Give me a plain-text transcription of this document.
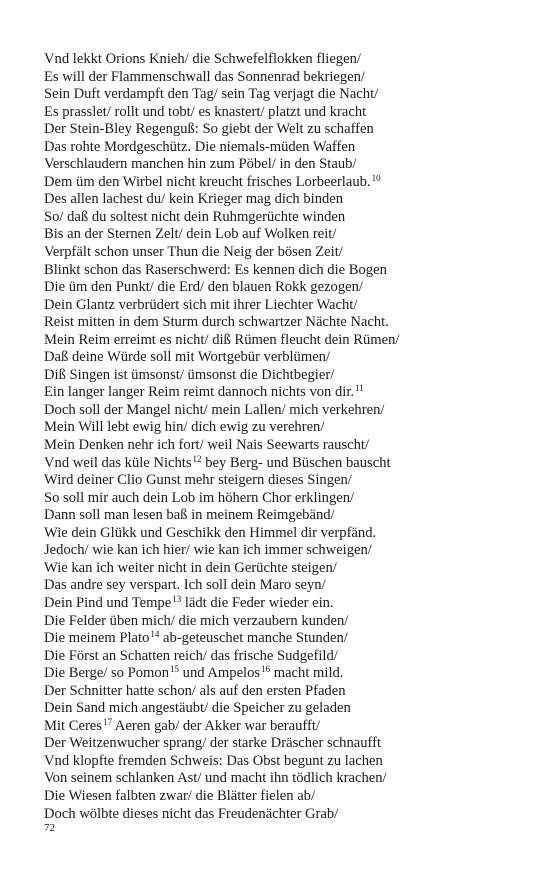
Vnd lekkt Orions Knieh/ die Schwefelflokken fliegen/
Es will der Flammenschwall das Sonnenrad bekriegen/
Sein Duft verdampft den Tag/ sein Tag verjagt die Nacht/
Es prasslet/ rollt und tobt/ es knastert/ platzt und kracht
Der Stein-Bley Regenguß: So giebt der Welt zu schaffen
Das rohte Mordgeschütz. Die niemals-müden Waffen
Verschlaudern manchen hin zum Pöbel/ in den Staub/
Dem üm den Wirbel nicht kreucht frisches Lorbeerlaub.$^{10}$
Des allen lachest du/ kein Krieger mag dich binden
So/ daß du soltest nicht dein Ruhmgerüchte winden
Bis an der Sternen Zelt/ dein Lob auf Wolken reit/
Verpfält schon unser Thun die Neig der bösen Zeit/
Blinkt schon das Raserschwerd: Es kennen dich die Bogen
Die üm den Punkt/ die Erd/ den blauen Rokk gezogen/
Dein Glantz verbrüdert sich mit ihrer Liechter Wacht/
Reist mitten in dem Sturm durch schwartzer Nächte Nacht.
Mein Reim erreimt es nicht/ diß Rümen fleucht dein Rümen/
Daß deine Würde soll mit Wortgebür verblümen/
Diß Singen ist ümsonst/ ümsonst die Dichtbegier/
Ein langer langer Reim reimt dannoch nichts von dir.$^{11}$
Doch soll der Mangel nicht/ mein Lallen/ mich verkehren/
Mein Will lebt ewig hin/ dich ewig zu verehren/
Mein Denken nehr ich fort/ weil Nais Seewarts rauscht/
Vnd weil das küle Nichts$^{12}$ bey Berg- und Büschen bauscht
Wird deiner Clio Gunst mehr steigern dieses Singen/
So soll mir auch dein Lob im höhern Chor erklingen/
Dann soll man lesen baß in meinem Reimgebänd/
Wie dein Glükk und Geschikk den Himmel dir verpfänd.
Jedoch/ wie kan ich hier/ wie kan ich immer schweigen/
Wie kan ich weiter nicht in dein Gerüchte steigen/
Das andre sey verspart. Ich soll dein Maro seyn/
Dein Pind und Tempe$^{13}$ lädt die Feder wieder ein.
Die Felder üben mich/ die mich verzaubern kunden/
Die meinem Plato$^{14}$ ab-geteuschet manche Stunden/
Die Först an Schatten reich/ das frische Sudgefild/
Die Berge/ so Pomon$^{15}$ und Ampelos$^{16}$ macht mild.
Der Schnitter hatte schon/ als auf den ersten Pfaden
Dein Sand mich angestäubt/ die Speicher zu geladen
Mit Ceres$^{17}$ Aeren gab/ der Akker war beraufft/
Der Weitzenwucher sprang/ der starke Dräscher schnaufft
Vnd klopfte fremden Schweis: Das Obst begunt zu lachen
Von seinem schlanken Ast/ und macht ihn tödlich krachen/
Die Wiesen falbten zwar/ die Blätter fielen ab/
Doch wölbte dieses nicht das Freudenächter Grab/
72
